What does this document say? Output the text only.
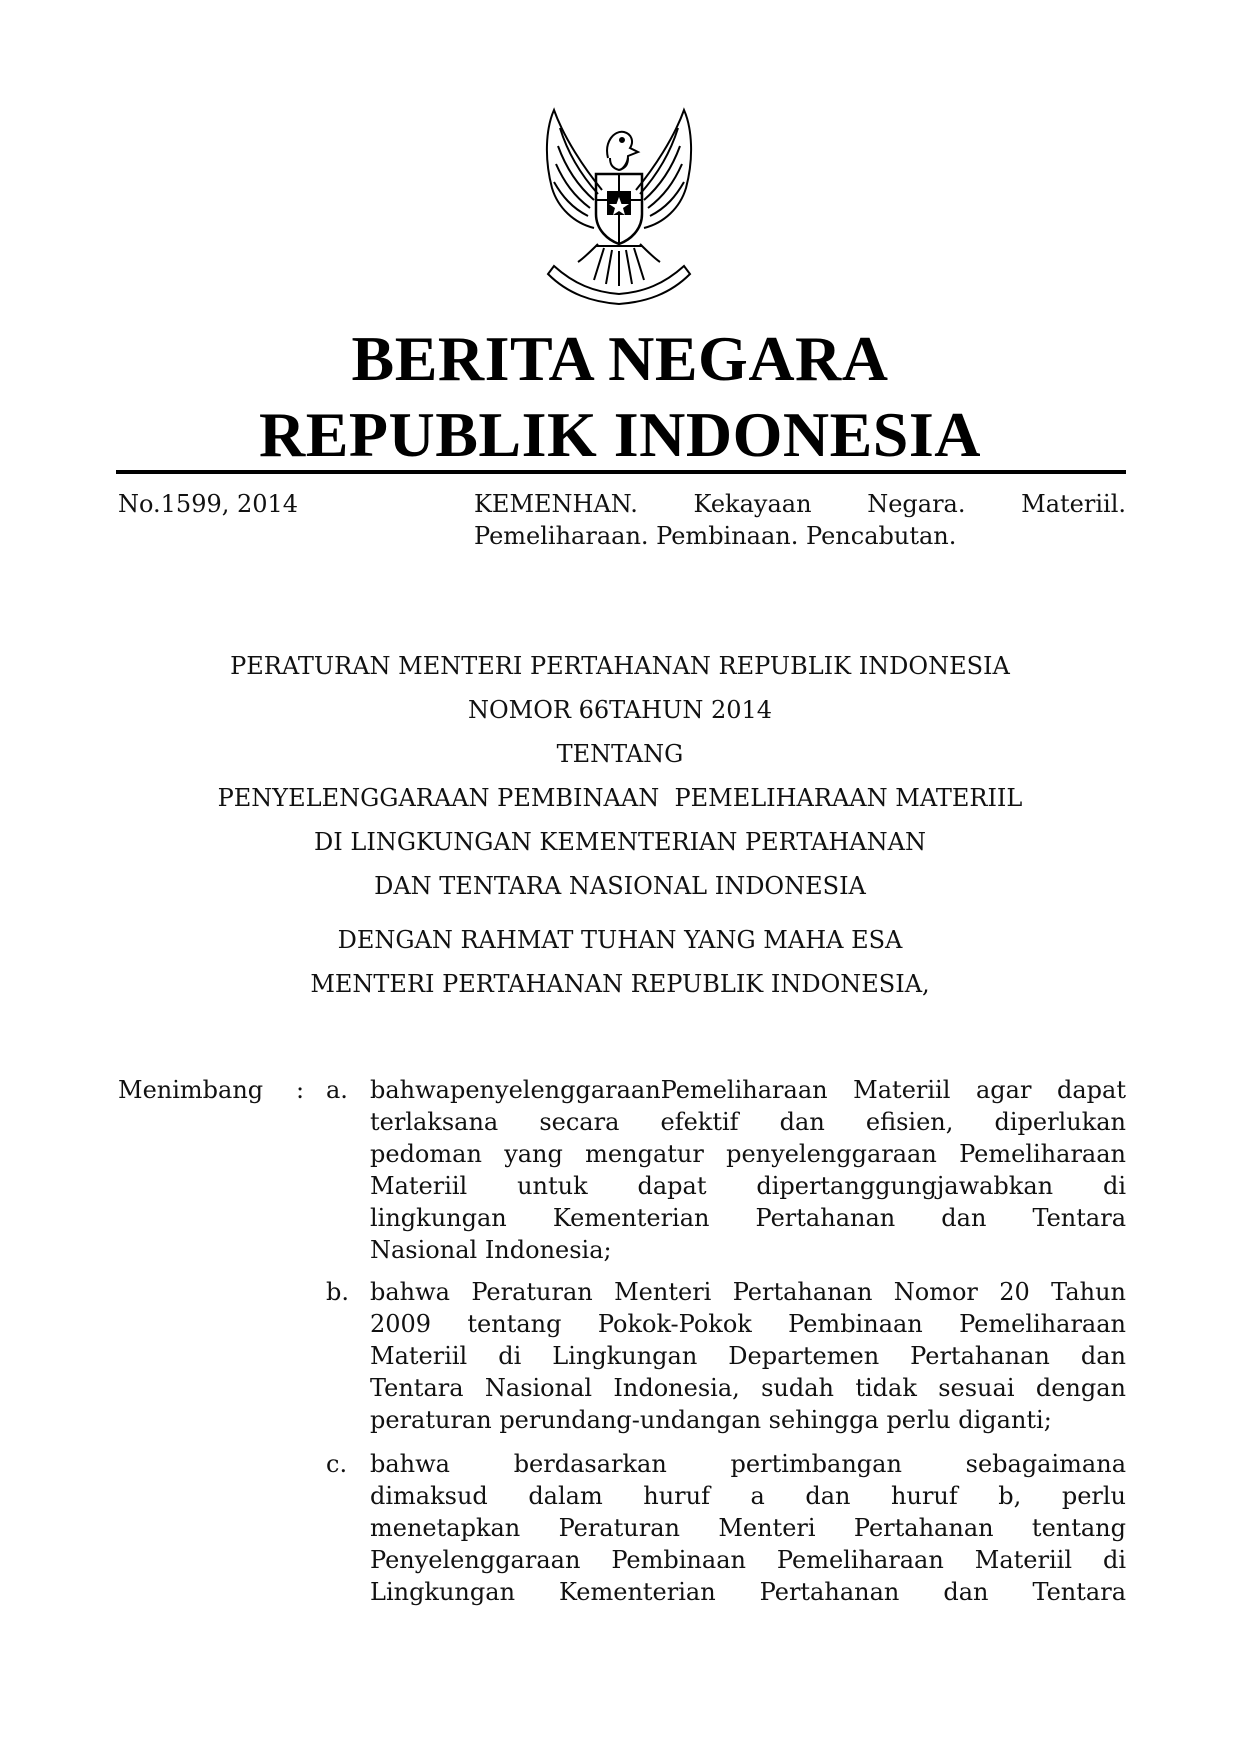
BERITA NEGARA
REPUBLIK INDONESIA
No.1599, 2014	KEMENHAN. Kekayaan Negara. Materiil.
Pemeliharaan. Pembinaan. Pencabutan.
PERATURAN MENTERI PERTAHANAN REPUBLIK INDONESIA
NOMOR 66TAHUN 2014
TENTANG
PENYELENGGARAAN PEMBINAAN  PEMELIHARAAN MATERIIL
DI LINGKUNGAN KEMENTERIAN PERTAHANAN
DAN TENTARA NASIONAL INDONESIA
DENGAN RAHMAT TUHAN YANG MAHA ESA
MENTERI PERTAHANAN REPUBLIK INDONESIA,
Menimbang : a. bahwapenyelenggaraanPemeliharaan Materiil agar dapat
terlaksana secara efektif dan efisien, diperlukan
pedoman yang mengatur penyelenggaraan Pemeliharaan
Materiil untuk dapat dipertanggungjawabkan di
lingkungan Kementerian Pertahanan dan Tentara
Nasional Indonesia;
b. bahwa Peraturan Menteri Pertahanan Nomor 20 Tahun
2009 tentang Pokok-Pokok Pembinaan Pemeliharaan
Materiil di Lingkungan Departemen Pertahanan dan
Tentara Nasional Indonesia, sudah tidak sesuai dengan
peraturan perundang-undangan sehingga perlu diganti;
c. bahwa berdasarkan pertimbangan sebagaimana
dimaksud dalam huruf a dan huruf b, perlu
menetapkan Peraturan Menteri Pertahanan tentang
Penyelenggaraan Pembinaan Pemeliharaan Materiil di
Lingkungan Kementerian Pertahanan dan Tentara
